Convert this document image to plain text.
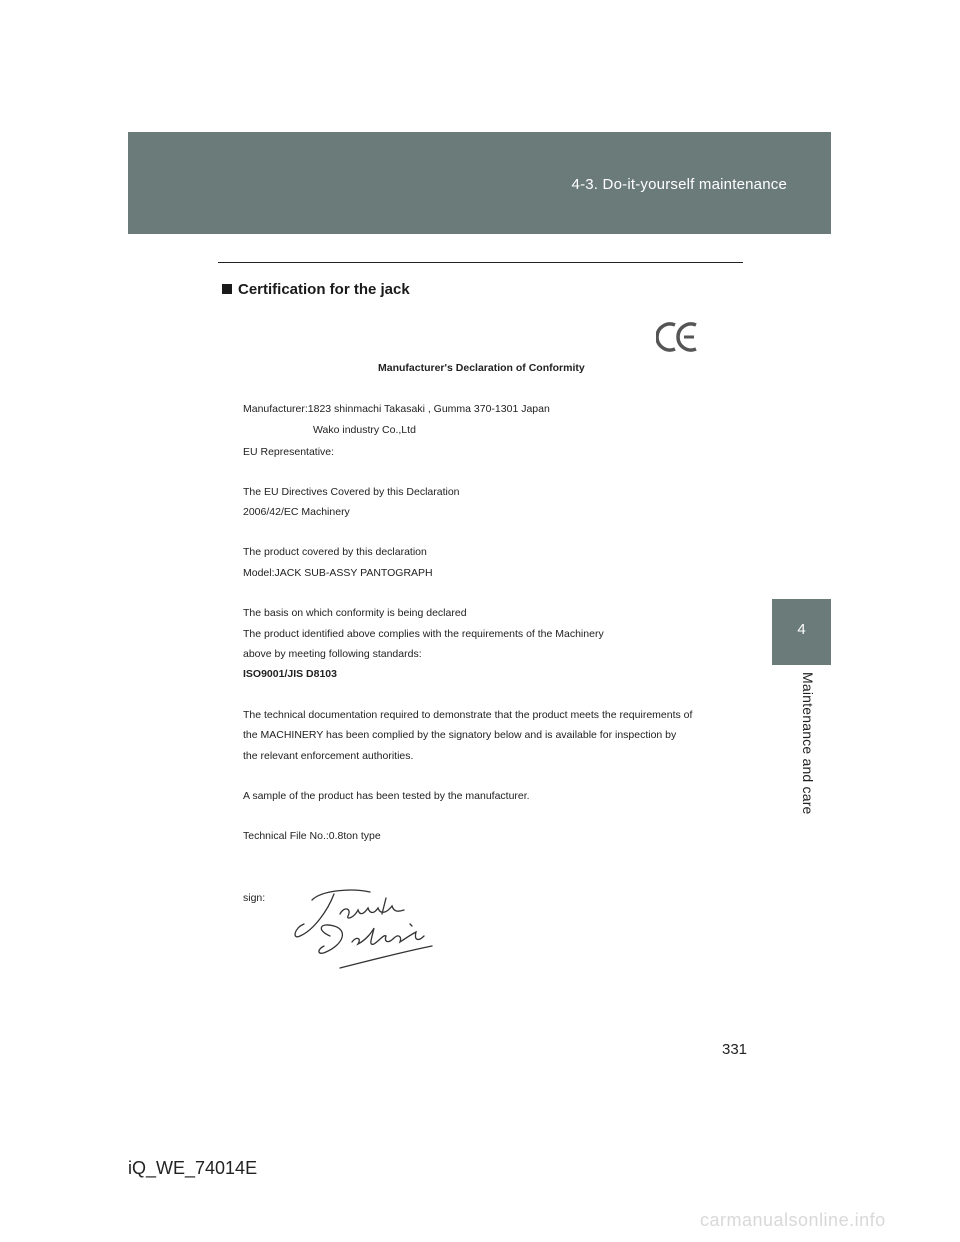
4-3. Do-it-yourself maintenance
4
Maintenance and care
Certification for the jack
Manufacturer's Declaration of Conformity
Manufacturer:1823 shinmachi Takasaki , Gumma 370-1301 Japan
Wako industry Co.,Ltd
EU Representative:
The EU Directives Covered by this Declaration
2006/42/EC Machinery
The product covered by this declaration
Model:JACK SUB-ASSY PANTOGRAPH
The basis on which conformity is being declared
The product identified above complies with the requirements of the Machinery
above by meeting following standards:
ISO9001/JIS D8103
The technical documentation required to demonstrate that the product meets the requirements of
the MACHINERY has been complied by the signatory below and is available for inspection by
the relevant enforcement authorities.
A sample of the product has been tested by the manufacturer.
Technical File No.:0.8ton type
sign:
331
iQ_WE_74014E
carmanualsonline.info
